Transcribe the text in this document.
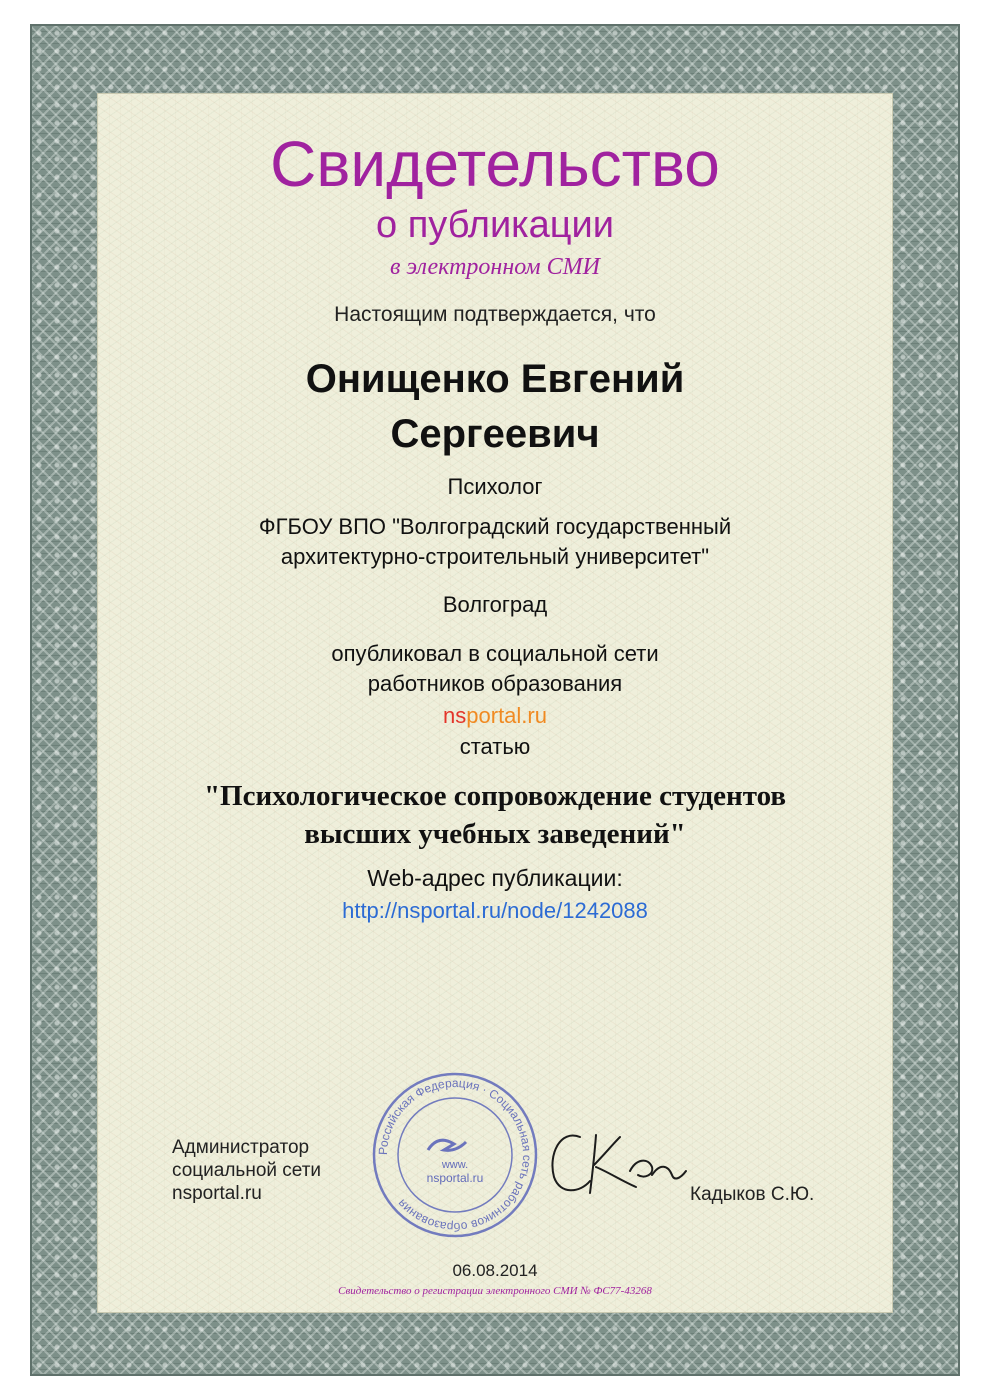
Свидетельство
о публикации
в электронном СМИ
Настоящим подтверждается, что
Онищенко Евгений
Сергеевич
Психолог
ФГБОУ ВПО "Волгоградский государственный
архитектурно-строительный университет"
Волгоград
опубликовал в социальной сети
работников образования
nsportal.ru
статью
"Психологическое сопровождение студентов
высших учебных заведений"
Web-адрес публикации:
http://nsportal.ru/node/1242088
Администратор
социальной сети
nsportal.ru
Российская Федерация · Социальная сеть работников образования
www.
nsportal.ru
Кадыков С.Ю.
06.08.2014
Свидетельство о регистрации электронного СМИ № ФС77-43268
